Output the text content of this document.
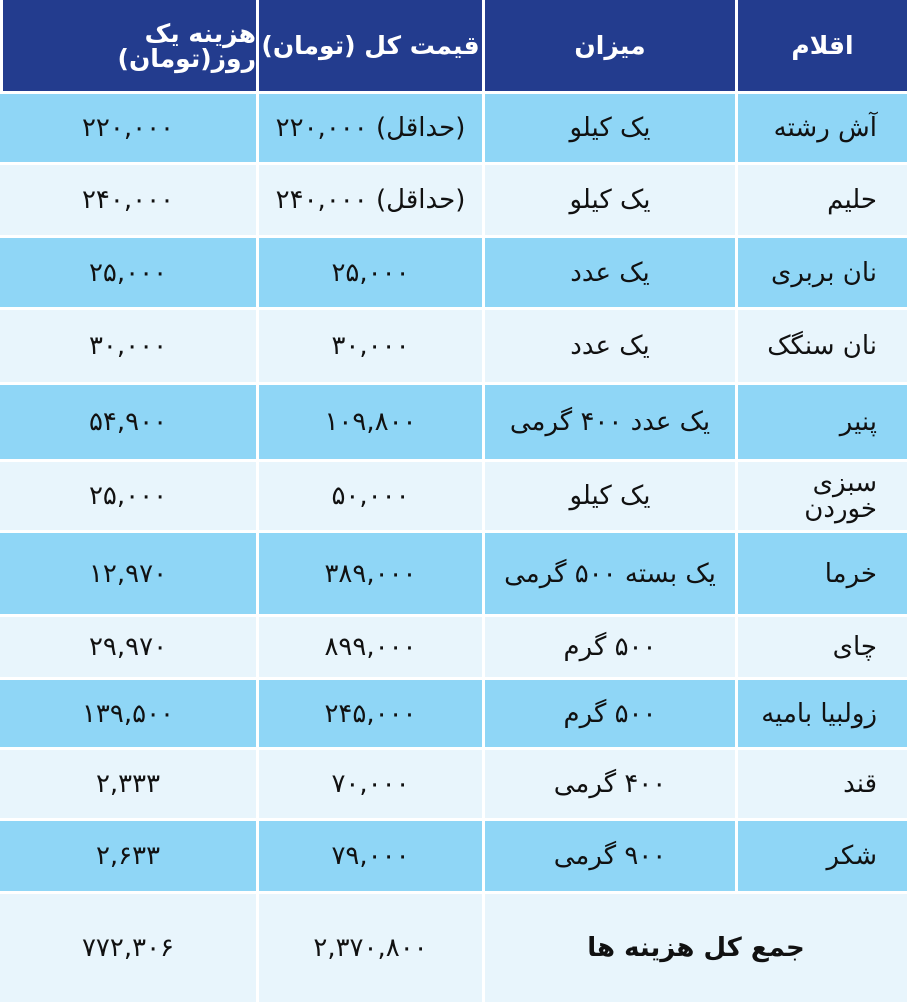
اقلام
میزان
قیمت کل (تومان)
هزینه یک روز(تومان)
آش رشته
یک کیلو
(حداقل) ۲۲۰,۰۰۰
۲۲۰,۰۰۰
حلیم
یک کیلو
(حداقل) ۲۴۰,۰۰۰
۲۴۰,۰۰۰
نان بربری
یک عدد
۲۵,۰۰۰
۲۵,۰۰۰
نان سنگک
یک عدد
۳۰,۰۰۰
۳۰,۰۰۰
پنیر
یک عدد ۴۰۰ گرمی
۱۰۹,۸۰۰
۵۴,۹۰۰
سبزی خوردن
یک کیلو
۵۰,۰۰۰
۲۵,۰۰۰
خرما
یک بسته ۵۰۰ گرمی
۳۸۹,۰۰۰
۱۲,۹۷۰
چای
۵۰۰ گرم
۸۹۹,۰۰۰
۲۹,۹۷۰
زولبیا بامیه
۵۰۰ گرم
۲۴۵,۰۰۰
۱۳۹,۵۰۰
قند
۴۰۰ گرمی
۷۰,۰۰۰
۲,۳۳۳
شکر
۹۰۰ گرمی
۷۹,۰۰۰
۲,۶۳۳
جمع کل هزینه ها
۲,۳۷۰,۸۰۰
۷۷۲,۳۰۶
